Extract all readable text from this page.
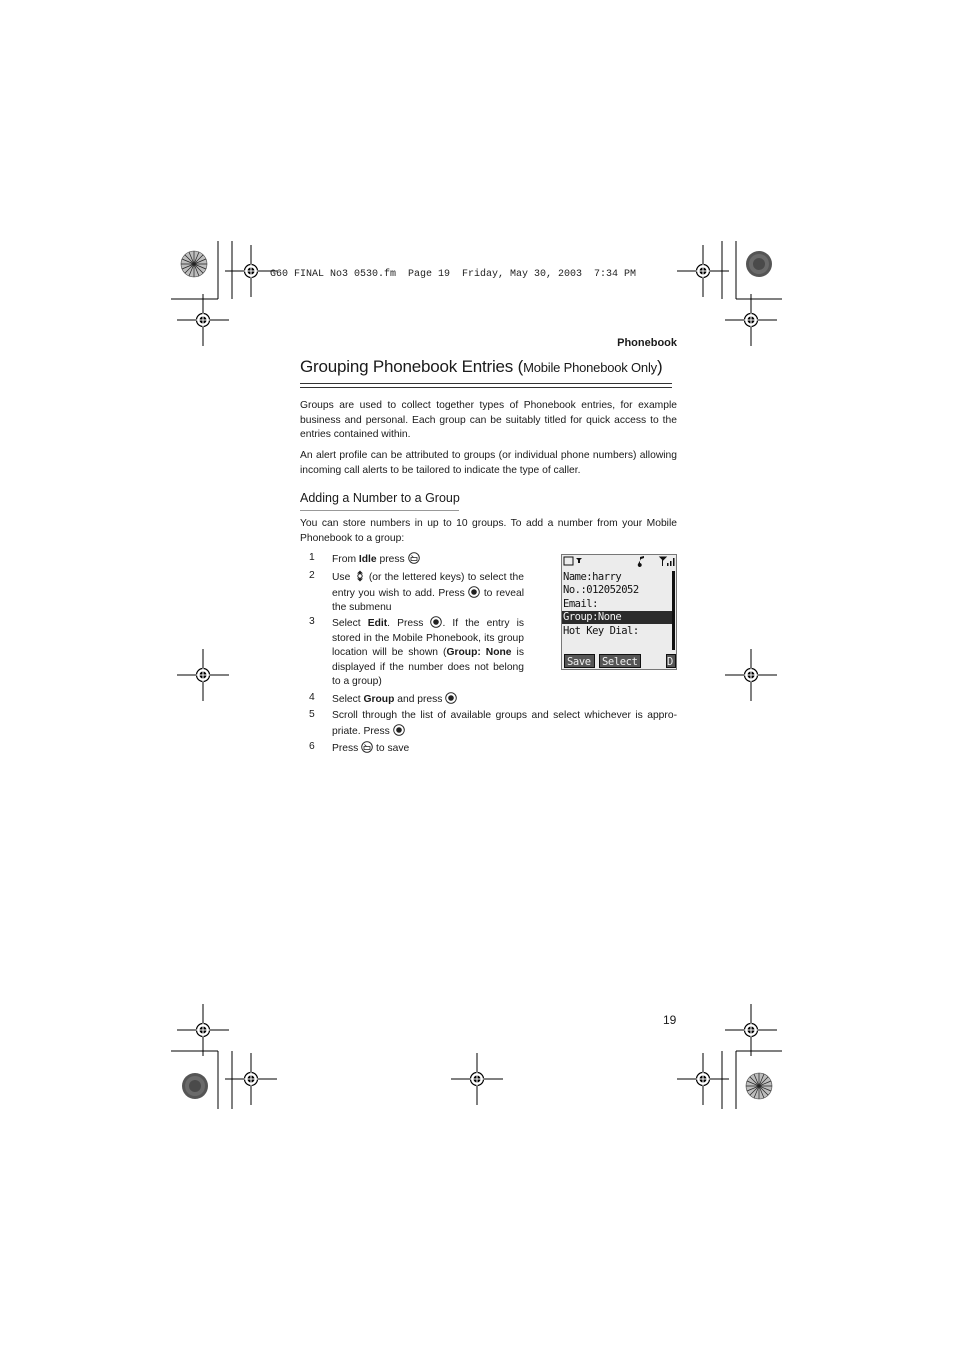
G60 FINAL No3 0530.fm  Page 19  Friday, May 30, 2003  7:34 PM
Phonebook
Grouping Phonebook Entries (Mobile Phonebook Only)
Groups are used to collect together types of Phonebook entries, for example business and personal. Each group can be suitably titled for quick access to the entries contained within.
An alert profile can be attributed to groups (or individual phone numbers) allowing incoming call alerts to be tailored to indicate the type of caller.
Adding a Number to a Group
You can store numbers in up to 10 groups. To add a number from your Mobile Phonebook to a group:
1 From Idle press
2 Use  (or the lettered keys) to select the entry you wish to add. Press  to reveal the submenu
3 Select Edit. Press . If the entry is stored in the Mobile Phonebook, its group location will be shown (Group: None is displayed if the number does not belong to a group)
4 Select Group and press
5 Scroll through the list of available groups and select whichever is appro-priate. Press
6 Press  to save
Name:harry
No.:012052052
Email:
Group:None
Hot Key Dial:
Save	Select	D
19
